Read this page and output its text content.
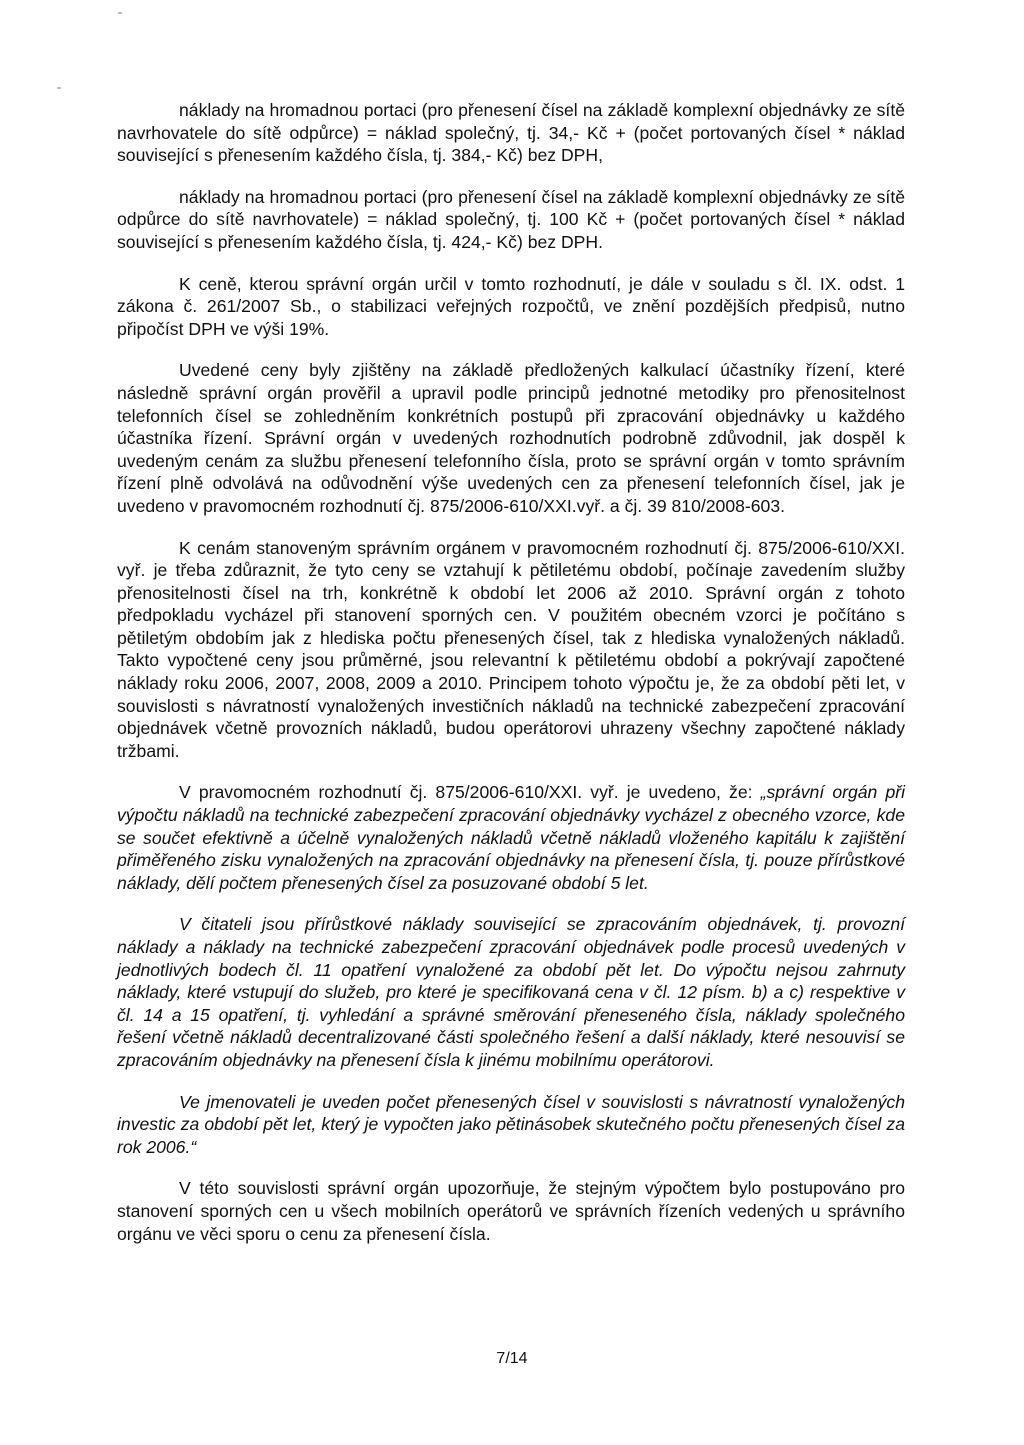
náklady na hromadnou portaci (pro přenesení čísel na základě komplexní objednávky ze sítě navrhovatele do sítě odpůrce) = náklad společný, tj. 34,- Kč + (počet portovaných čísel * náklad související s přenesením každého čísla, tj. 384,- Kč) bez DPH,

náklady na hromadnou portaci (pro přenesení čísel na základě komplexní objednávky ze sítě odpůrce do sítě navrhovatele) = náklad společný, tj. 100 Kč + (počet portovaných čísel * náklad související s přenesením každého čísla, tj. 424,- Kč) bez DPH.

K ceně, kterou správní orgán určil v tomto rozhodnutí, je dále v souladu s čl. IX. odst. 1 zákona č. 261/2007 Sb., o stabilizaci veřejných rozpočtů, ve znění pozdějších předpisů, nutno připočíst DPH ve výši 19%.

Uvedené ceny byly zjištěny na základě předložených kalkulací účastníky řízení, které následně správní orgán prověřil a upravil podle principů jednotné metodiky pro přenositelnost telefonních čísel se zohledněním konkrétních postupů při zpracování objednávky u každého účastníka řízení. Správní orgán v uvedených rozhodnutích podrobně zdůvodnil, jak dospěl k uvedeným cenám za službu přenesení telefonního čísla, proto se správní orgán v tomto správním řízení plně odvolává na odůvodnění výše uvedených cen za přenesení telefonních čísel, jak je uvedeno v pravomocném rozhodnutí čj. 875/2006-610/XXI.vyř. a čj. 39 810/2008-603.

K cenám stanoveným správním orgánem v pravomocném rozhodnutí čj. 875/2006-610/XXI. vyř. je třeba zdůraznit, že tyto ceny se vztahují k pětiletému období, počínaje zavedením služby přenositelnosti čísel na trh, konkrétně k období let 2006 až 2010. Správní orgán z tohoto předpokladu vycházel při stanovení sporných cen. V použitém obecném vzorci je počítáno s pětiletým obdobím jak z hlediska počtu přenesených čísel, tak z hlediska vynaložených nákladů. Takto vypočtené ceny jsou průměrné, jsou relevantní k pětiletému období a pokrývají započtené náklady roku 2006, 2007, 2008, 2009 a 2010. Principem tohoto výpočtu je, že za období pěti let, v souvislosti s návratností vynaložených investičních nákladů na technické zabezpečení zpracování objednávek včetně provozních nákladů, budou operátorovi uhrazeny všechny započtené náklady tržbami.

V pravomocném rozhodnutí čj. 875/2006-610/XXI. vyř. je uvedeno, že: „správní orgán při výpočtu nákladů na technické zabezpečení zpracování objednávky vycházel z obecného vzorce, kde se součet efektivně a účelně vynaložených nákladů včetně nákladů vloženého kapitálu k zajištění přiměřeného zisku vynaložených na zpracování objednávky na přenesení čísla, tj. pouze přírůstkové náklady, dělí počtem přenesených čísel za posuzované období 5 let.

V čitateli jsou přírůstkové náklady související se zpracováním objednávek, tj. provozní náklady a náklady na technické zabezpečení zpracování objednávek podle procesů uvedených v jednotlivých bodech čl. 11 opatření vynaložené za období pět let. Do výpočtu nejsou zahrnuty náklady, které vstupují do služeb, pro které je specifikovaná cena v čl. 12 písm. b) a c) respektive v čl. 14 a 15 opatření, tj. vyhledání a správné směrování přeneseného čísla, náklady společného řešení včetně nákladů decentralizované části společného řešení a další náklady, které nesouvisí se zpracováním objednávky na přenesení čísla k jinému mobilnímu operátorovi.

Ve jmenovateli je uveden počet přenesených čísel v souvislosti s návratností vynaložených investic za období pět let, který je vypočten jako pětinásobek skutečného počtu přenesených čísel za rok 2006.“

V této souvislosti správní orgán upozorňuje, že stejným výpočtem bylo postupováno pro stanovení sporných cen u všech mobilních operátorů ve správních řízeních vedených u správního orgánu ve věci sporu o cenu za přenesení čísla.

7/14
